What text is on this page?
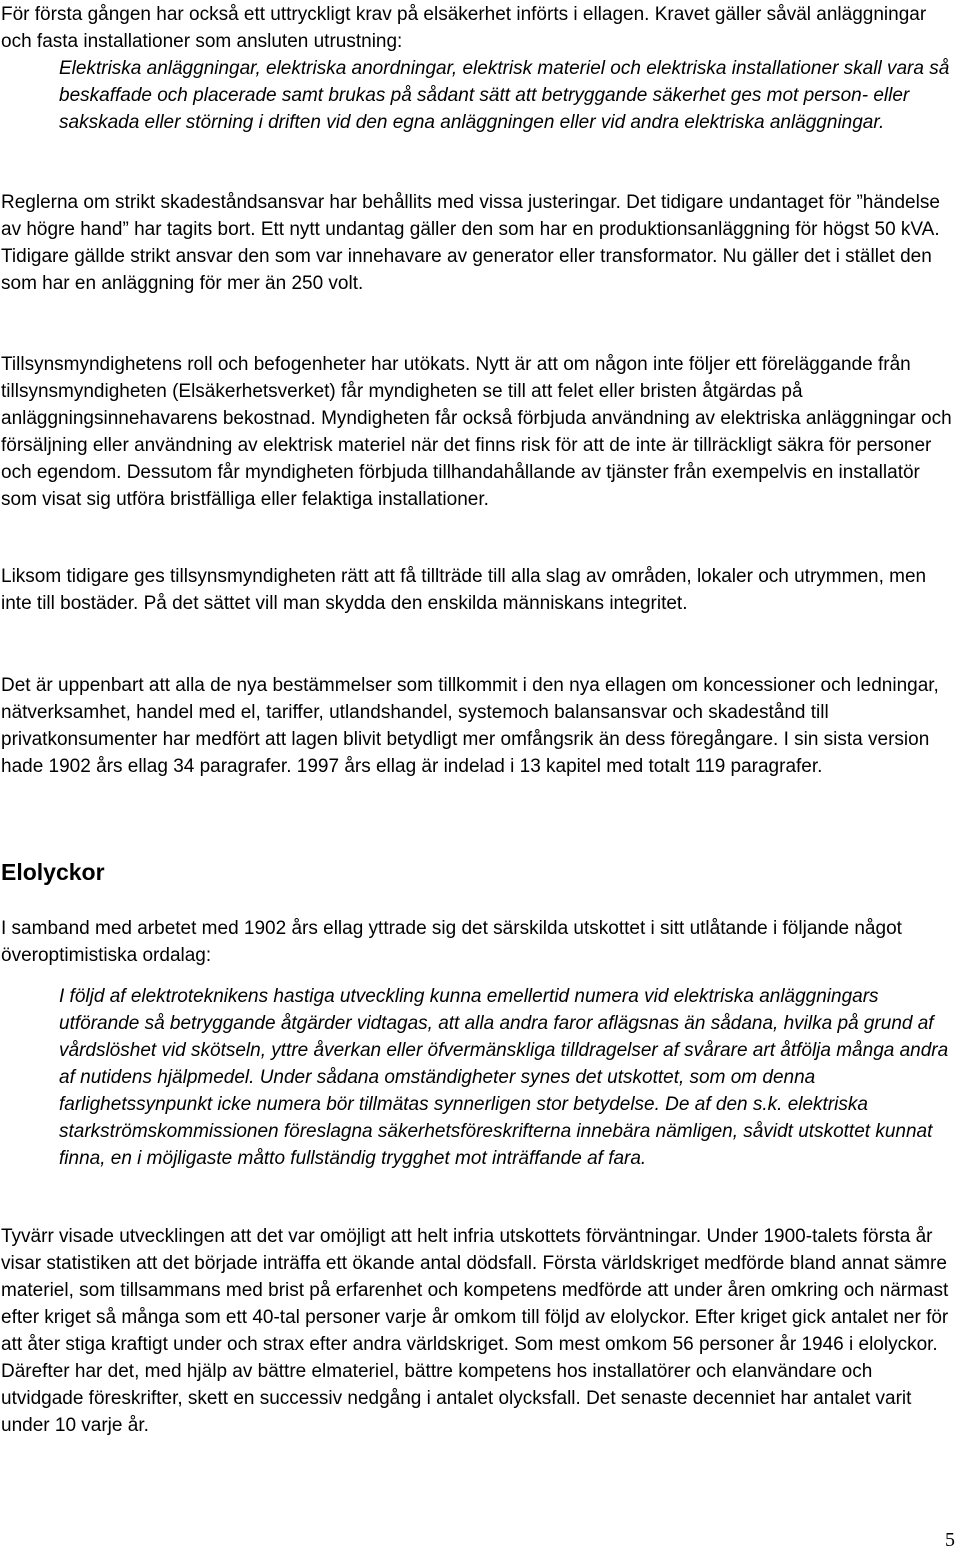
För första gången har också ett uttryckligt krav på elsäkerhet införts i ellagen. Kravet gäller såväl anläggningar och fasta installationer som ansluten utrustning:

Elektriska anläggningar, elektriska anordningar, elektrisk materiel och elektriska installationer skall vara så beskaffade och placerade samt brukas på sådant sätt att betryggande säkerhet ges mot person- eller sakskada eller störning i driften vid den egna anläggningen eller vid andra elektriska anläggningar.

Reglerna om strikt skadeståndsansvar har behållits med vissa justeringar. Det tidigare undantaget för ”händelse av högre hand” har tagits bort. Ett nytt undantag gäller den som har en produktionsanläggning för högst 50 kVA. Tidigare gällde strikt ansvar den som var innehavare av generator eller transformator. Nu gäller det i stället den som har en anläggning för mer än 250 volt.

Tillsynsmyndighetens roll och befogenheter har utökats. Nytt är att om någon inte följer ett föreläggande från tillsynsmyndigheten (Elsäkerhetsverket) får myndigheten se till att felet eller bristen åtgärdas på anläggningsinnehavarens bekostnad. Myndigheten får också förbjuda användning av elektriska anläggningar och försäljning eller användning av elektrisk materiel när det finns risk för att de inte är tillräckligt säkra för personer och egendom. Dessutom får myndigheten förbjuda tillhandahållande av tjänster från exempelvis en installatör som visat sig utföra bristfälliga eller felaktiga installationer.

Liksom tidigare ges tillsynsmyndigheten rätt att få tillträde till alla slag av områden, lokaler och utrymmen, men inte till bostäder. På det sättet vill man skydda den enskilda människans integritet.

Det är uppenbart att alla de nya bestämmelser som tillkommit i den nya ellagen om koncessioner och ledningar, nätverksamhet, handel med el, tariffer, utlandshandel, systemoch balansansvar och skadestånd till privatkonsumenter har medfört att lagen blivit betydligt mer omfångsrik än dess föregångare. I sin sista version hade 1902 års ellag 34 paragrafer. 1997 års ellag är indelad i 13 kapitel med totalt 119 paragrafer.

Elolyckor

I samband med arbetet med 1902 års ellag yttrade sig det särskilda utskottet i sitt utlåtande i följande något överoptimistiska ordalag:

I följd af elektroteknikens hastiga utveckling kunna emellertid numera vid elektriska anläggningars utförande så betryggande åtgärder vidtagas, att alla andra faror aflägsnas än sådana, hvilka på grund af vårdslöshet vid skötseln, yttre åverkan eller öfvermänskliga tilldragelser af svårare art åtfölja många andra af nutidens hjälpmedel. Under sådana omständigheter synes det utskottet, som om denna farlighetssynpunkt icke numera bör tillmätas synnerligen stor betydelse. De af den s.k. elektriska starkströmskommissionen föreslagna säkerhetsföreskrifterna innebära nämligen, såvidt utskottet kunnat finna, en i möjligaste måtto fullständig trygghet mot inträffande af fara.

Tyvärr visade utvecklingen att det var omöjligt att helt infria utskottets förväntningar. Under 1900-talets första år visar statistiken att det började inträffa ett ökande antal dödsfall. Första världskriget medförde bland annat sämre materiel, som tillsammans med brist på erfarenhet och kompetens medförde att under åren omkring och närmast efter kriget så många som ett 40-tal personer varje år omkom till följd av elolyckor. Efter kriget gick antalet ner för att åter stiga kraftigt under och strax efter andra världskriget. Som mest omkom 56 personer år 1946 i elolyckor. Därefter har det, med hjälp av bättre elmateriel, bättre kompetens hos installatörer och elanvändare och utvidgade föreskrifter, skett en successiv nedgång i antalet olycksfall. Det senaste decenniet har antalet varit under 10 varje år.

5
